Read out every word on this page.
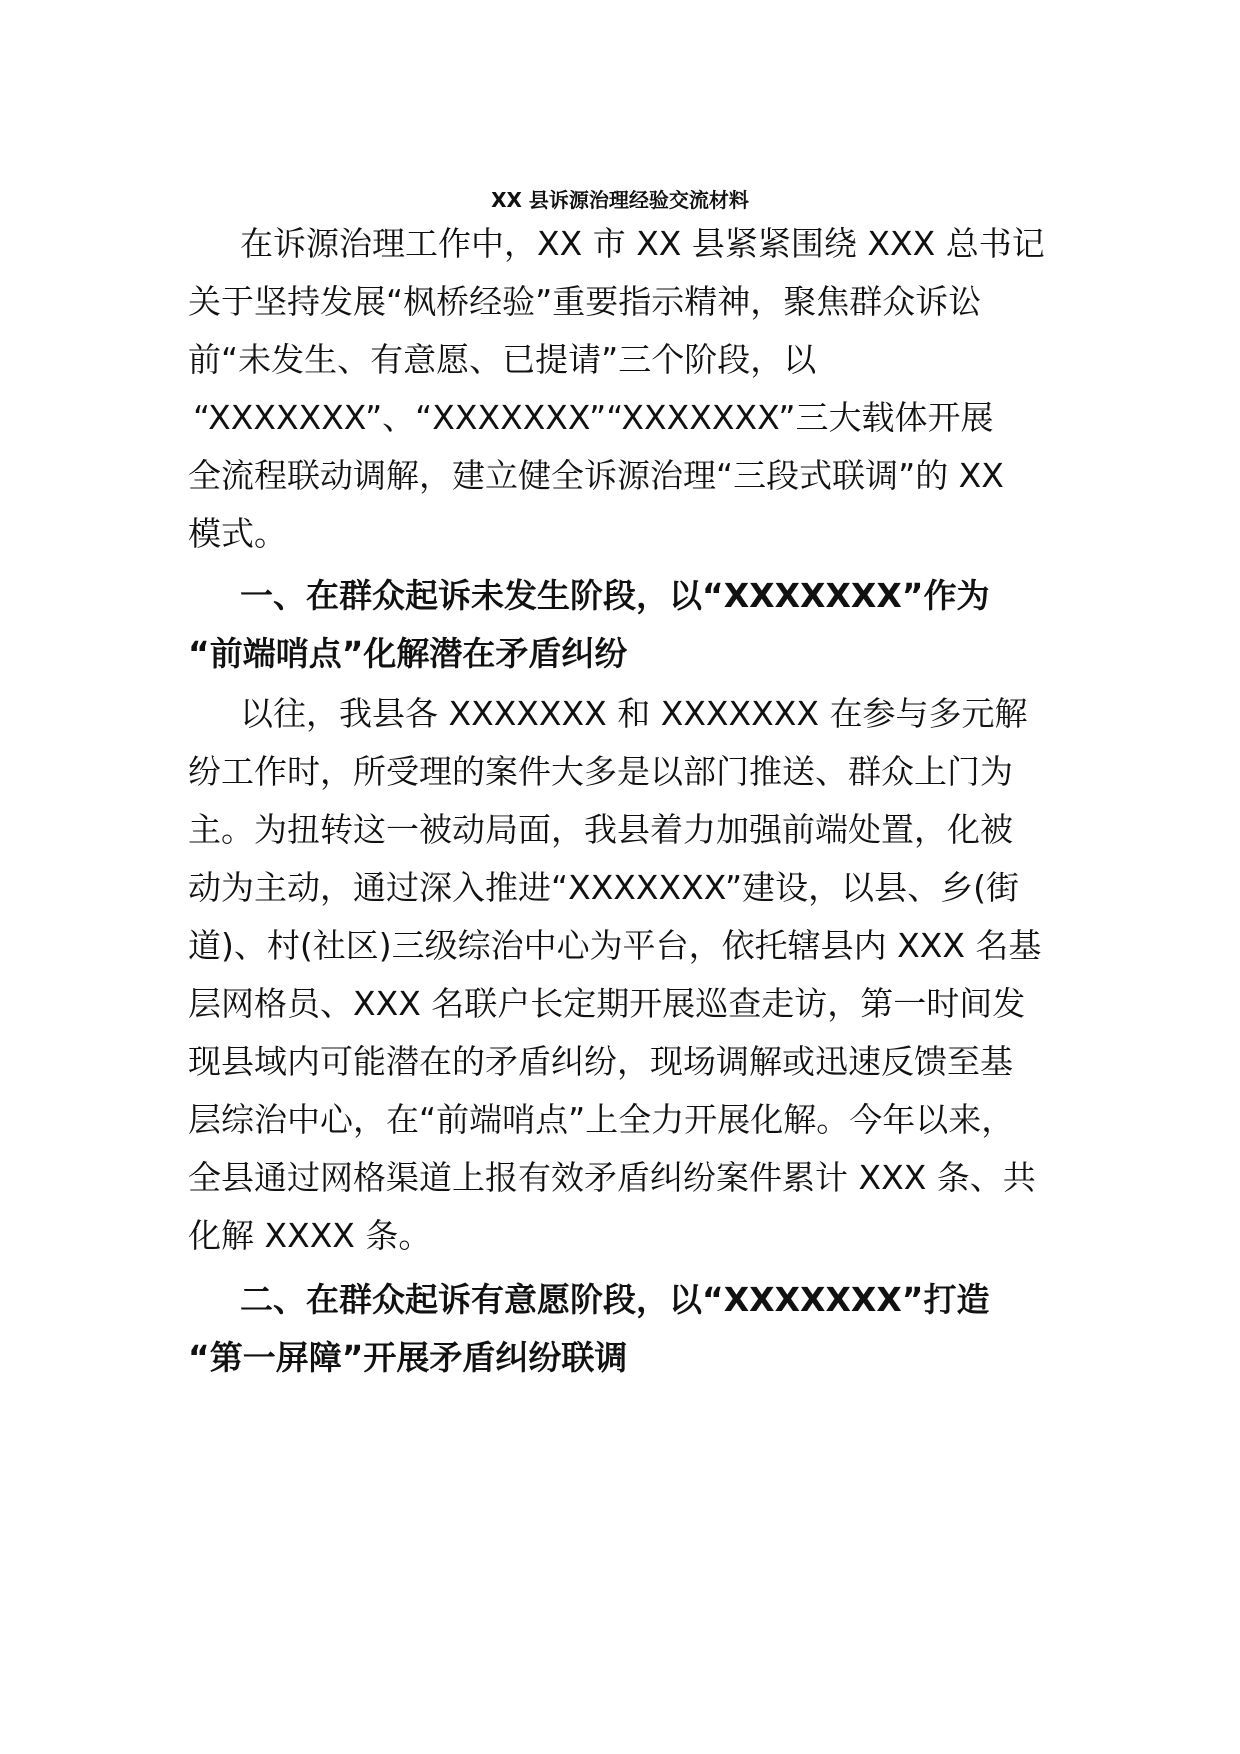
XX 县诉源治理经验交流材料
在诉源治理工作中，XX 市 XX 县紧紧围绕 XXX 总书记
关于坚持发展“枫桥经验”重要指示精神，聚焦群众诉讼
前“未发生、有意愿、已提请”三个阶段，以
“XXXXXXX”、“XXXXXXX”“XXXXXXX”三大载体开展
全流程联动调解，建立健全诉源治理“三段式联调”的 XX
模式。
一、在群众起诉未发生阶段，以“XXXXXXX”作为
“前端哨点”化解潜在矛盾纠纷
以往，我县各 XXXXXXX 和 XXXXXXX 在参与多元解
纷工作时，所受理的案件大多是以部门推送、群众上门为
主。为扭转这一被动局面，我县着力加强前端处置，化被
动为主动，通过深入推进“XXXXXXX”建设，以县、乡(街
道)、村(社区)三级综治中心为平台，依托辖县内 XXX 名基
层网格员、XXX 名联户长定期开展巡查走访，第一时间发
现县域内可能潜在的矛盾纠纷，现场调解或迅速反馈至基
层综治中心，在“前端哨点”上全力开展化解。今年以来，
全县通过网格渠道上报有效矛盾纠纷案件累计 XXX 条、共
化解 XXXX 条。
二、在群众起诉有意愿阶段，以“XXXXXXX”打造
“第一屏障”开展矛盾纠纷联调
